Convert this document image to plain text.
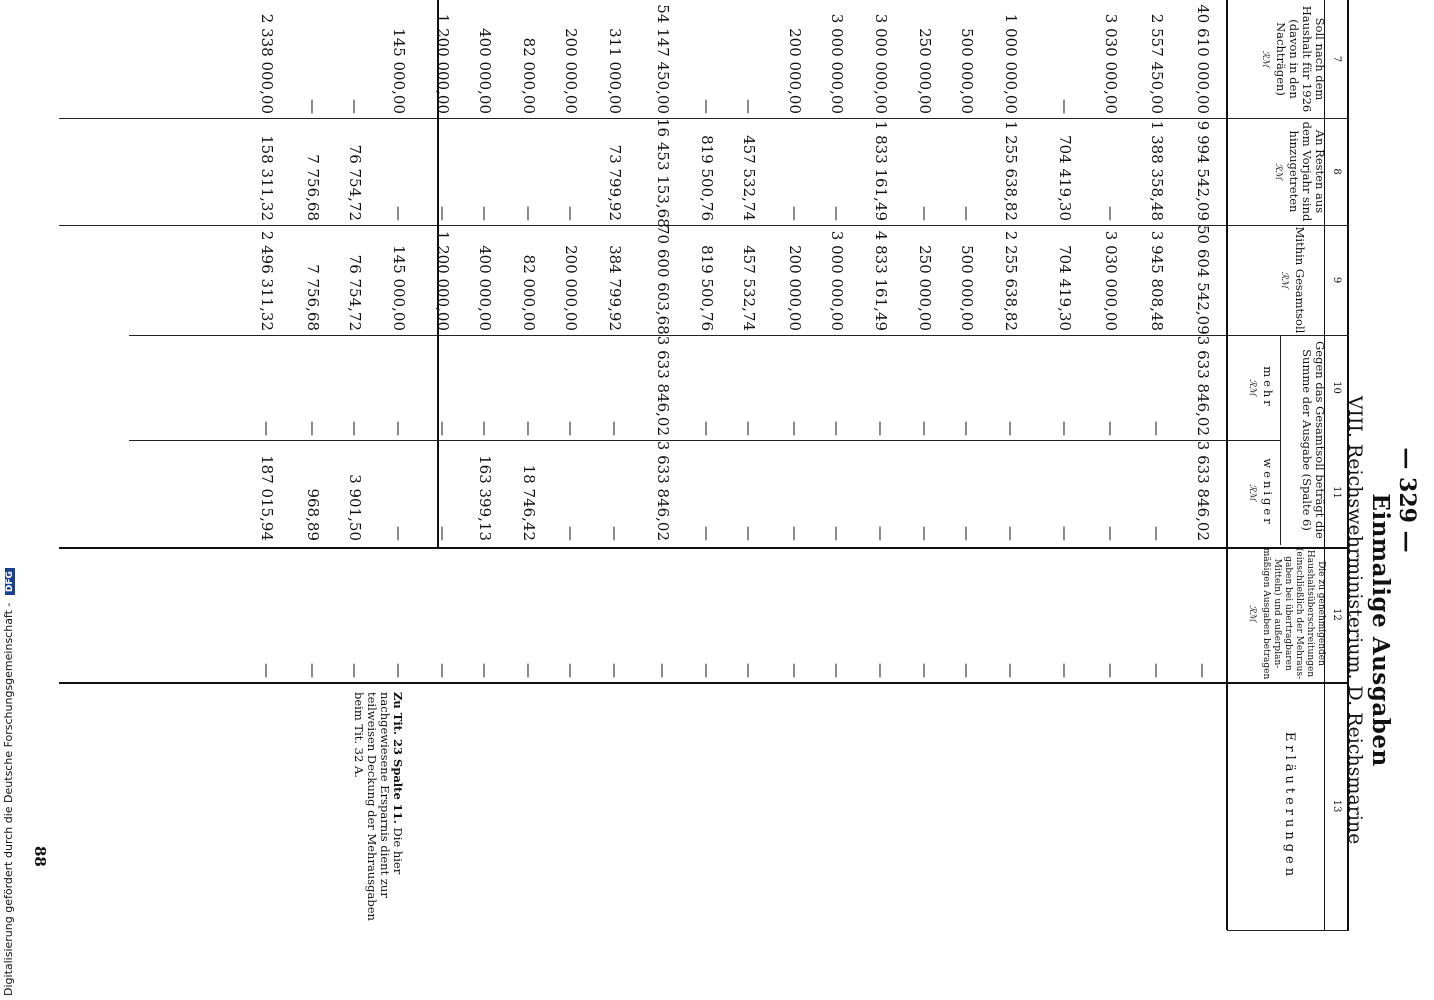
— 329 —
Einmalige Ausgaben
VIII. Reichswehrministerium. D. Reichsmarine
7
8
9
10
11
12
13
Soll nach dem Haushalt für 1926 (davon in den Nachträgen)
ℛℳ
An Resten aus dem Vorjahr sind hinzugetreten
ℛℳ
Mithin Gesamtsoll
ℛℳ
Gegen das Gesamtsoll beträgt die Summe der Ausgabe (Spalte 6)
mehr
ℛℳ
weniger
ℛℳ
Die zu genehmigenden Haushaltsüberschreitungen (einschließlich der Mehraus- gaben bei übertragbaren Mitteln) und außerplan- mäßigen Ausgaben betragen
ℛℳ
Erläuterungen
40 610 000,00
9 994 542,09
50 604 542,09
3 633 846,02
3 633 846,02
—
2 557 450,00
1 388 358,48
3 945 808,48
—
—
—
3 030 000,00
—
3 030 000,00
—
—
—
—
704 419,30
704 419,30
—
—
—
1 000 000,00
1 255 638,82
2 255 638,82
—
—
—
500 000,00
—
500 000,00
—
—
—
250 000,00
—
250 000,00
—
—
—
3 000 000,00
1 833 161,49
4 833 161,49
—
—
—
3 000 000,00
—
3 000 000,00
—
—
—
200 000,00
—
200 000,00
—
—
—
—
457 532,74
457 532,74
—
—
—
—
819 500,76
819 500,76
—
—
—
54 147 450,00
16 453 153,68
70 600 603,68
3 633 846,02
3 633 846,02
—
311 000,00
73 799,92
384 799,92
—
—
—
200 000,00
—
200 000,00
—
—
—
82 000,00
—
82 000,00
—
18 746,42
—
400 000,00
—
400 000,00
—
163 399,13
—
1 200 000,00
—
1 200 000,00
—
—
—
145 000,00
—
145 000,00
—
—
—
—
76 754,72
76 754,72
—
3 901,50
—
—
7 756,68
7 756,68
—
968,89
—
2 338 000,00
158 311,32
2 496 311,32
—
187 015,94
—
Zu Tit. 23 Spalte 11. Die hier nachgewiesene Ersparnis dient zur teilweisen Deckung der Mehrausgaben beim Tit. 32 A.
88
Digitalisierung gefördert durch die Deutsche Forschungsgemeinschaft - DFG
